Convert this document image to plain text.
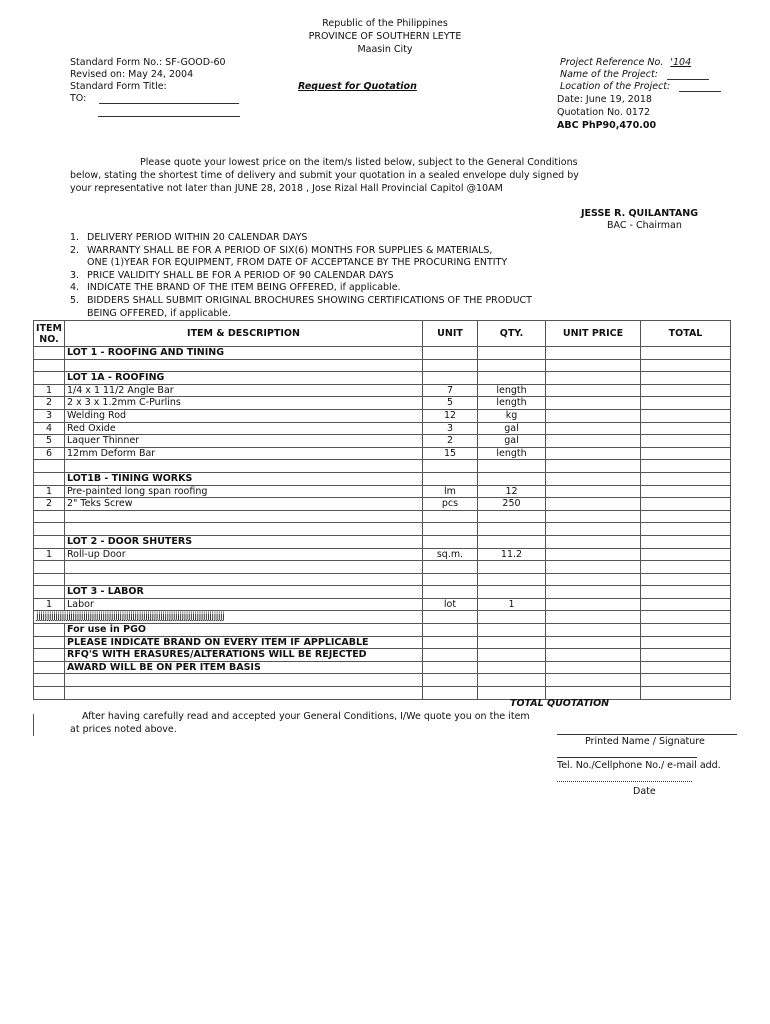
Republic of the Philippines
PROVINCE OF SOUTHERN LEYTE
Maasin City
Standard Form No.: SF-GOOD-60
Revised on: May 24, 2004
Standard Form Title:
TO:
Request for Quotation
Project Reference No. '104
Name of the Project:
Location of the Project:
Date: June 19, 2018
Quotation No. 0172
ABC PhP90,470.00
Please quote your lowest price on the item/s listed below, subject to the General Conditions below, stating the shortest time of delivery and submit your quotation in a sealed envelope duly signed by your representative not later than JUNE 28, 2018 , Jose Rizal Hall Provincial Capitol @10AM
JESSE R. QUILANTANG
BAC - Chairman
1. DELIVERY PERIOD WITHIN 20 CALENDAR DAYS
2. WARRANTY SHALL BE FOR A PERIOD OF SIX(6) MONTHS FOR SUPPLIES & MATERIALS,
ONE (1)YEAR FOR EQUIPMENT, FROM DATE OF ACCEPTANCE BY THE PROCURING ENTITY
3. PRICE VALIDITY SHALL BE FOR A PERIOD OF 90 CALENDAR DAYS
4. INDICATE THE BRAND OF THE ITEM BEING OFFERED, if applicable.
5. BIDDERS SHALL SUBMIT ORIGINAL BROCHURES SHOWING CERTIFICATIONS OF THE PRODUCT
BEING OFFERED, if applicable.
ITEM NO.	ITEM & DESCRIPTION	UNIT	QTY.	UNIT PRICE	TOTAL
	LOT 1 - ROOFING AND TINING				

	LOT 1A - ROOFING				
1	1/4 x 1 11/2 Angle Bar	7	length		
2	2 x 3 x 1.2mm C-Purlins	5	length		
3	Welding Rod	12	kg		
4	Red Oxide	3	gal		
5	Laquer Thinner	2	gal		
6	12mm Deform Bar	15	length		

	LOT1B - TINING WORKS				
1	Pre-painted long span roofing	lm	12		
2	2" Teks Screw	pcs	250		

	LOT 2 - DOOR SHUTERS				
1	Roll-up Door	sq.m.	11.2		

	LOT 3 - LABOR				
1	Labor	lot	1		
jjjjjjjjjjjjjjjjjjjjjjjjjjjjjjjjjjjjjjjjjjjjjjjjjjjjjjjjjjjjjjjjjjjjjjjjjjjjjjjjjjjjjjjj					
	For use in PGO				
	PLEASE INDICATE BRAND ON EVERY ITEM IF APPLICABLE				
	RFQ'S WITH ERASURES/ALTERATIONS WILL BE REJECTED				
	AWARD WILL BE ON PER ITEM BASIS				

TOTAL QUOTATION
After having carefully read and accepted your General Conditions, I/We quote you on the item at prices noted above.
Printed Name / Signature
Tel. No./Cellphone No./ e-mail add.
Date
